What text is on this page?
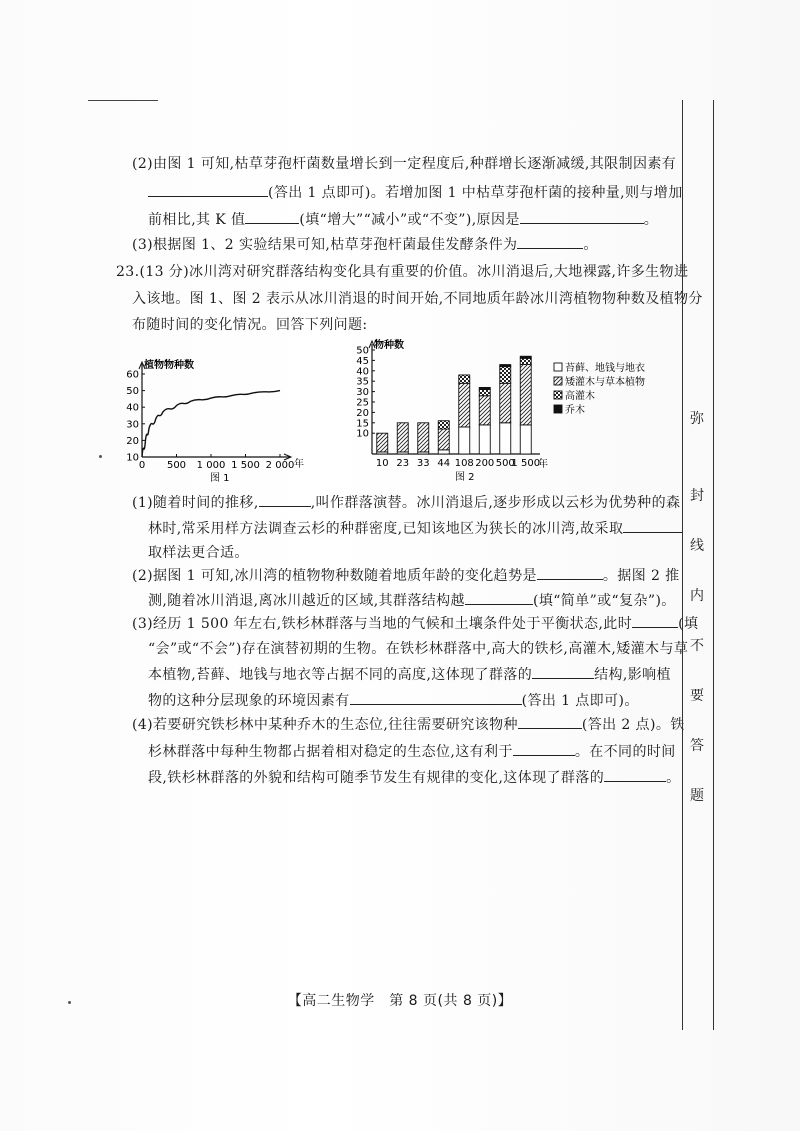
(2)由图 1 可知,枯草芽孢杆菌数量增长到一定程度后,种群增长逐渐减缓,其限制因素有
(答出 1 点即可)。若增加图 1 中枯草芽孢杆菌的接种量,则与增加
前相比,其 K 值	(填“增大”“减小”或“不变”),原因是	。
(3)根据图 1、2 实验结果可知,枯草芽孢杆菌最佳发酵条件为	。
23.(13 分)冰川湾对研究群落结构变化具有重要的价值。冰川消退后,大地裸露,许多生物进
入该地。图 1、图 2 表示从冰川消退的时间开始,不同地质年龄冰川湾植物物种数及植物分
布随时间的变化情况。回答下列问题:
植物物种数
年
图 1
10
20
30
40
50
60
0 500 1 000 1 500 2 000
物种数
年
图 2
10
15
20
25
30
35
40
45
50
10 23 33 44 108 200 500
1 500
苔藓、地钱与地衣
矮灌木与草本植物
高灌木
乔木
(1)随着时间的推移,	,叫作群落演替。冰川消退后,逐步形成以云杉为优势种的森
林时,常采用样方法调查云杉的种群密度,已知该地区为狭长的冰川湾,故采取
取样法更合适。
(2)据图 1 可知,冰川湾的植物物种数随着地质年龄的变化趋势是	。据图 2 推
测,随着冰川消退,离冰川越近的区域,其群落结构越	(填“简单”或“复杂”)。
(3)经历 1 500 年左右,铁杉林群落与当地的气候和土壤条件处于平衡状态,此时	(填
“会”或“不会”)存在演替初期的生物。在铁杉林群落中,高大的铁杉,高灌木,矮灌木与草
本植物,苔藓、地钱与地衣等占据不同的高度,这体现了群落的	结构,影响植
物的这种分层现象的环境因素有	(答出 1 点即可)。
(4)若要研究铁杉林中某种乔木的生态位,往往需要研究该物种	(答出 2 点)。铁
杉林群落中每种生物都占据着相对稳定的生态位,这有利于	。在不同的时间
段,铁杉林群落的外貌和结构可随季节发生有规律的变化,这体现了群落的	。
弥
封
线
内
不
要
答
题
【高二生物学　第 8 页(共 8 页)】
